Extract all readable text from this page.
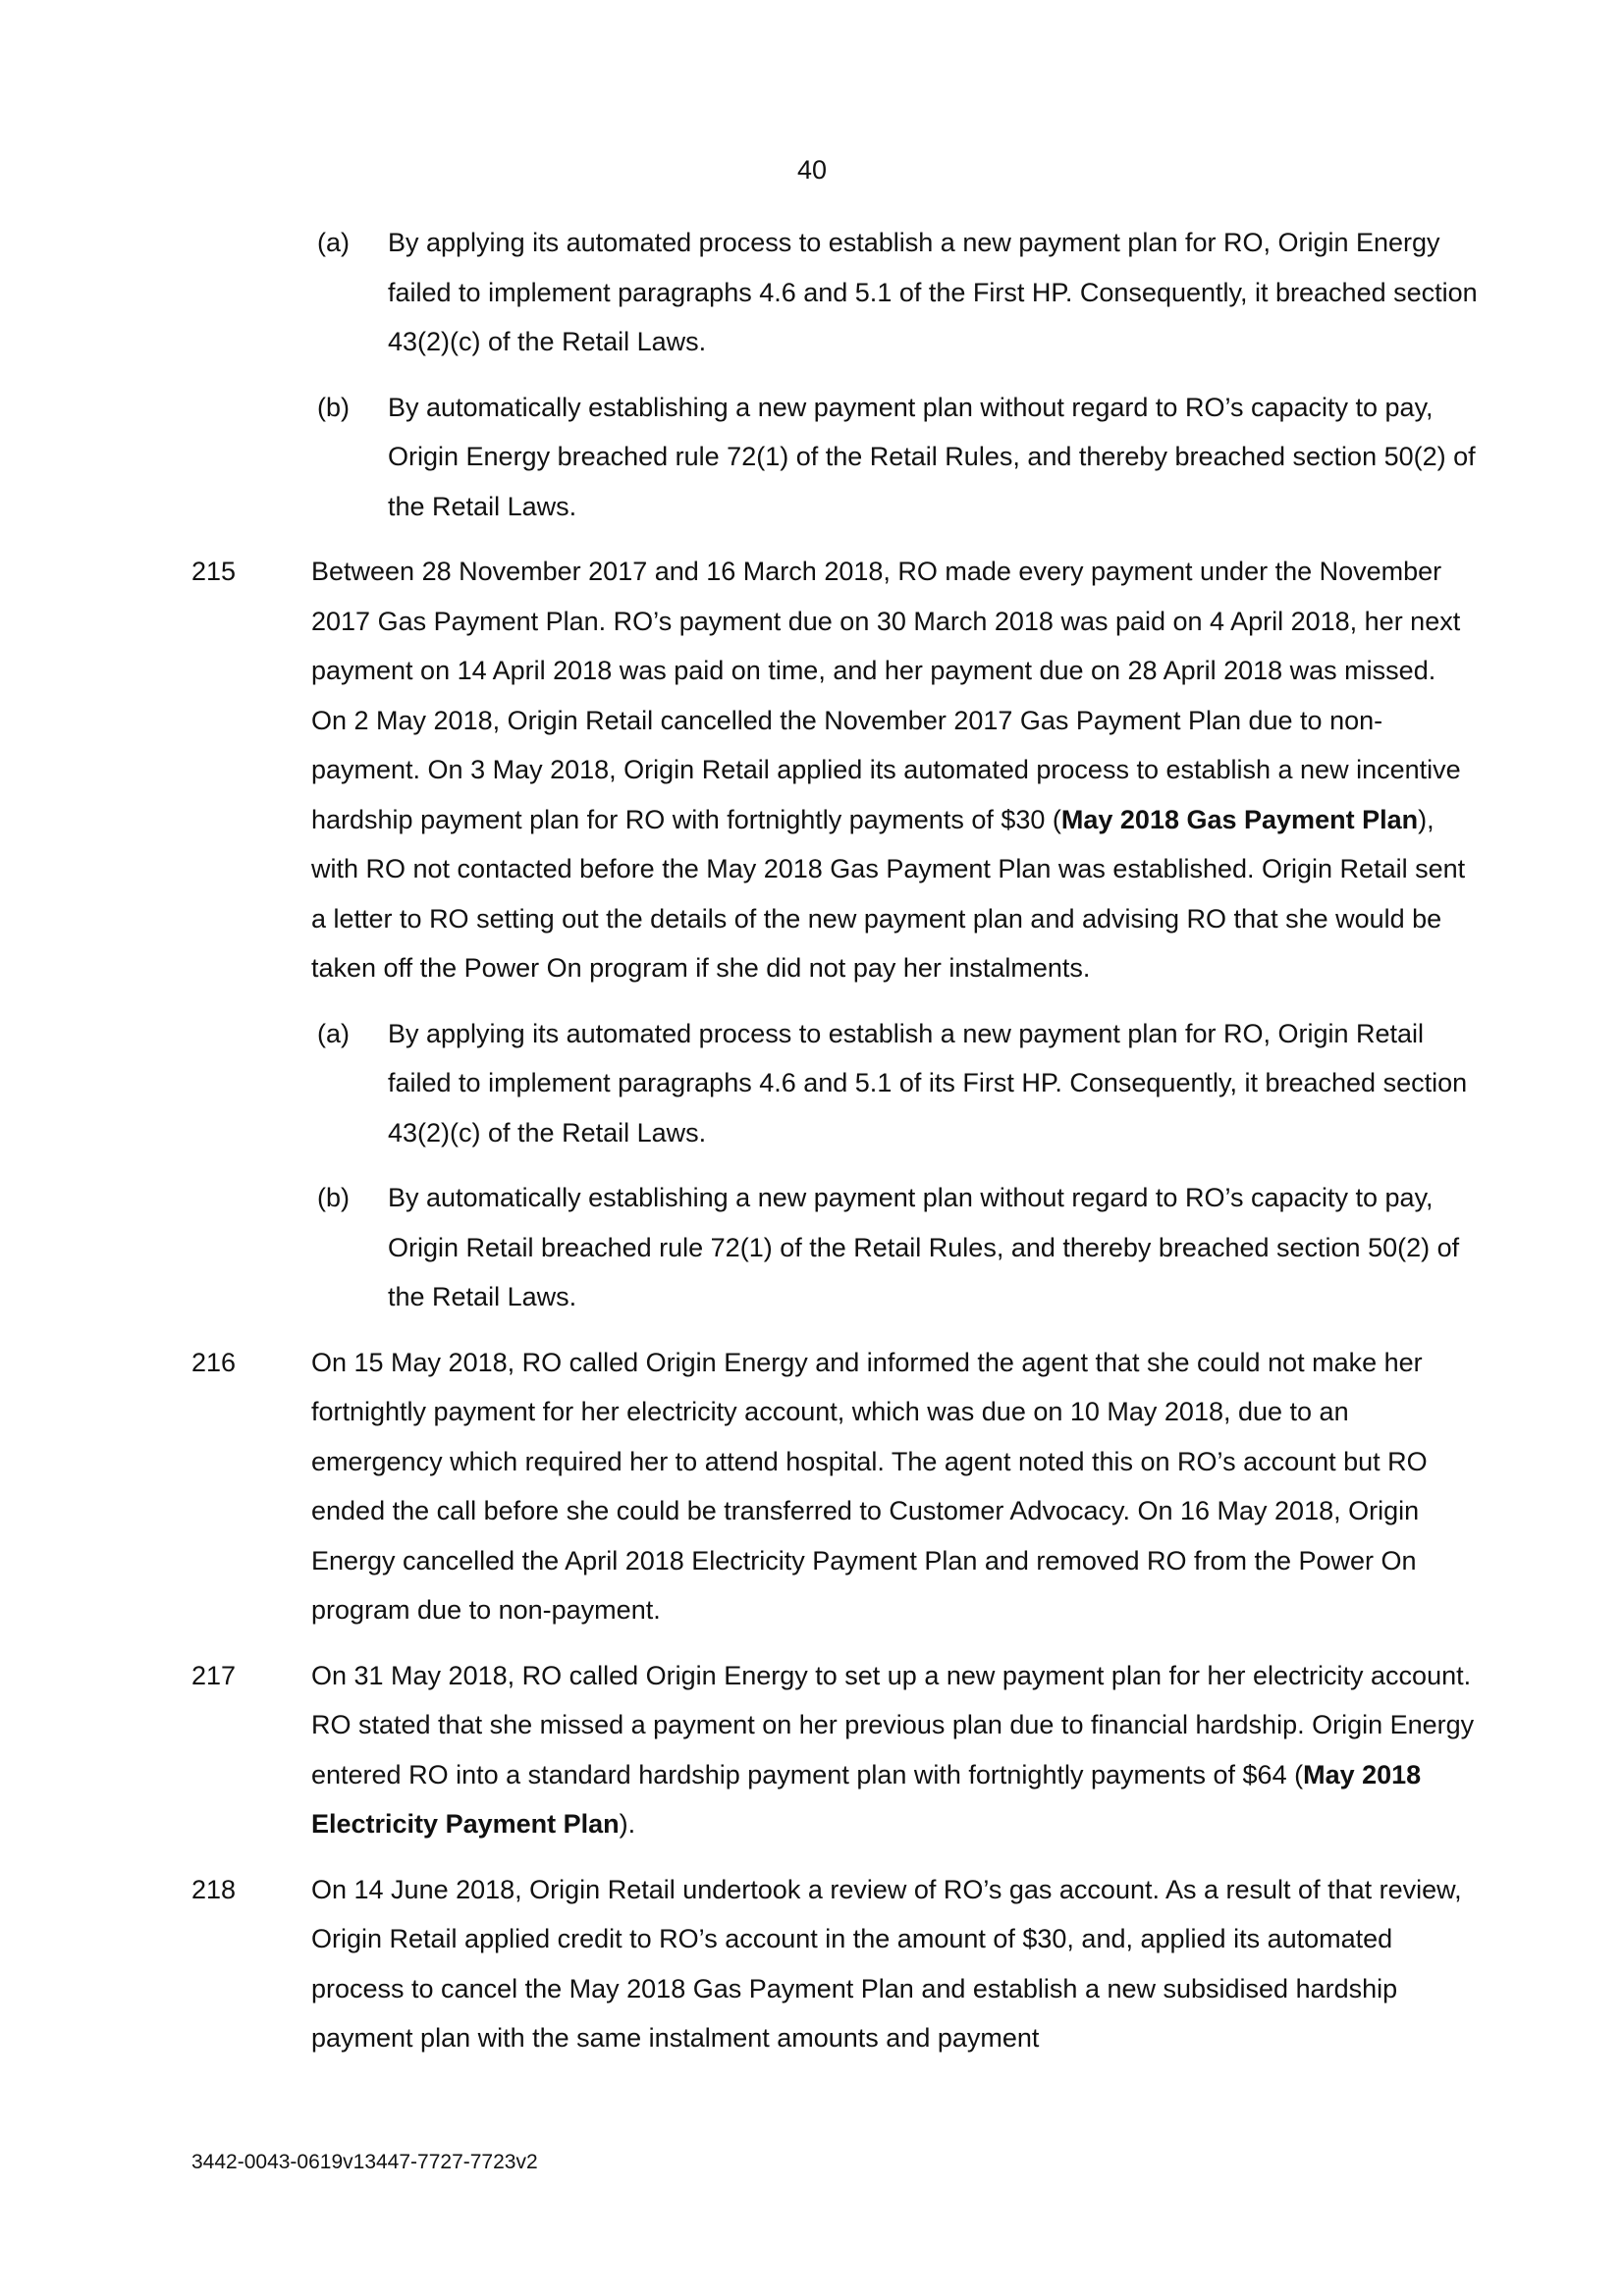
40
(a) By applying its automated process to establish a new payment plan for RO, Origin Energy failed to implement paragraphs 4.6 and 5.1 of the First HP. Consequently, it breached section 43(2)(c) of the Retail Laws.
(b) By automatically establishing a new payment plan without regard to RO’s capacity to pay, Origin Energy breached rule 72(1) of the Retail Rules, and thereby breached section 50(2) of the Retail Laws.
215	Between 28 November 2017 and 16 March 2018, RO made every payment under the November 2017 Gas Payment Plan. RO’s payment due on 30 March 2018 was paid on 4 April 2018, her next payment on 14 April 2018 was paid on time, and her payment due on 28 April 2018 was missed. On 2 May 2018, Origin Retail cancelled the November 2017 Gas Payment Plan due to non-payment. On 3 May 2018, Origin Retail applied its automated process to establish a new incentive hardship payment plan for RO with fortnightly payments of $30 (May 2018 Gas Payment Plan), with RO not contacted before the May 2018 Gas Payment Plan was established. Origin Retail sent a letter to RO setting out the details of the new payment plan and advising RO that she would be taken off the Power On program if she did not pay her instalments.
(a) By applying its automated process to establish a new payment plan for RO, Origin Retail failed to implement paragraphs 4.6 and 5.1 of its First HP. Consequently, it breached section 43(2)(c) of the Retail Laws.
(b) By automatically establishing a new payment plan without regard to RO’s capacity to pay, Origin Retail breached rule 72(1) of the Retail Rules, and thereby breached section 50(2) of the Retail Laws.
216	On 15 May 2018, RO called Origin Energy and informed the agent that she could not make her fortnightly payment for her electricity account, which was due on 10 May 2018, due to an emergency which required her to attend hospital. The agent noted this on RO’s account but RO ended the call before she could be transferred to Customer Advocacy. On 16 May 2018, Origin Energy cancelled the April 2018 Electricity Payment Plan and removed RO from the Power On program due to non-payment.
217	On 31 May 2018, RO called Origin Energy to set up a new payment plan for her electricity account. RO stated that she missed a payment on her previous plan due to financial hardship. Origin Energy entered RO into a standard hardship payment plan with fortnightly payments of $64 (May 2018 Electricity Payment Plan).
218	On 14 June 2018, Origin Retail undertook a review of RO’s gas account. As a result of that review, Origin Retail applied credit to RO’s account in the amount of $30, and, applied its automated process to cancel the May 2018 Gas Payment Plan and establish a new subsidised hardship payment plan with the same instalment amounts and payment
3442-0043-0619v13447-7727-7723v2
